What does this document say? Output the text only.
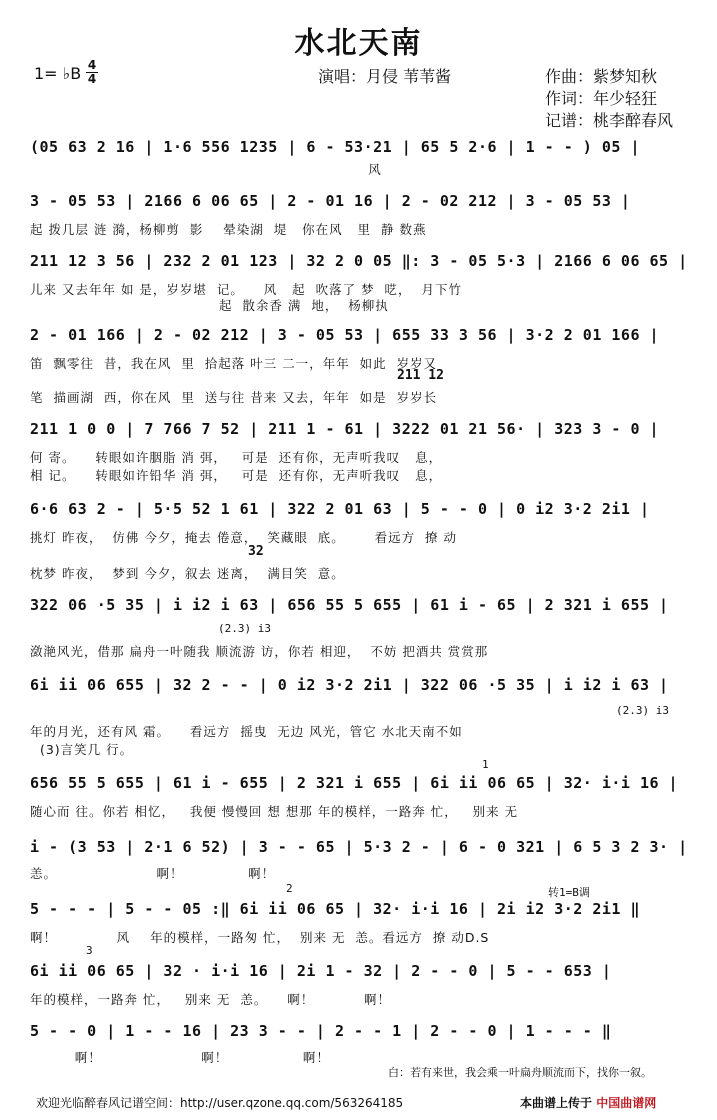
水北天南
1= ♭B 4
4	演唱：月侵 苇苇酱	作曲：紫梦知秋
作词：年少轻狂
记谱：桃李醉春风
(05 63 2 16 | 1·6 556 1235 | 6 - 53·21 | 65 5 2·6 | 1 - - ) 05 |
风
3 - 05 53 | 2166 6 06 65 | 2 - 01 16 | 2 - 02 212 | 3 - 05 53 |
起 拨几层 涟 漪，杨柳剪  影    晕染湖  堤   你在风   里  静 数燕
211 12 3 56 | 232 2 01 123 | 32 2 0 05 ‖: 3 - 05 5·3 | 2166 6 06 65 |
儿来 又去年年 如 是，岁岁堪  记。    风   起  吹落了 梦  呓，  月下竹
起  散余香 满  地，  杨柳执
2 - 01 166 | 2 - 02 212 | 3 - 05 53 | 655 33 3 56 | 3·2 2 01 166 |
笛  飘零往  昔，我在风  里  拾起落 叶三 二一，年年  如此  岁岁又
211 12
笔  描画湖  西，你在风  里  送与往 昔来 又去，年年  如是  岁岁长
211 1 0 0 | 7 766 7 52 | 211 1 - 61 | 3222 01 21 56· | 323 3 - 0 |
何 寄。    转眼如许胭脂 消 弭，   可是  还有你，无声听我叹   息，
相 记。    转眼如许铅华 消 弭，   可是  还有你，无声听我叹   息，
6·6 63 2 - | 5·5 52 1 61 | 322 2 01 63 | 5 - - 0 | 0 i2 3·2 2i1 |
挑灯 昨夜，  仿佛 今夕，掩去 倦意，  笑藏眼  底。      看远方  撩 动
32
枕梦 昨夜，  梦到 今夕，叙去 迷离，  满目笑  意。
322 06 ·5 35 | i i2 i 63 | 656 55 5 655 | 61 i - 65 | 2 321 i 655 |
(2.3) i3
潋滟风光，借那 扁舟一叶随我 顺流游 访，你若 相迎，  不妨 把酒共 赏赏那
6i ii 06 655 | 32 2 - - | 0 i2 3·2 2i1 | 322 06 ·5 35 | i i2 i 63 |
(2.3) i3
年的月光，还有风 霜。    看远方  摇曳  无边 风光，管它 水北天南不如
(3)言笑几 行。
1
656 55 5 655 | 61 i - 655 | 2 321 i 655 | 6i ii 06 65 | 32· i·i 16 |
随心而 往。你若 相忆，   我便 慢慢回 想 想那 年的模样，一路奔 忙，   别来 无
i - (3 53 | 2·1 6 52) | 3 - - 65 | 5·3 2 - | 6 - 0 321 | 6 5 3 2 3· |
恙。                    啊！             啊！
2	转1=B调
5 - - - | 5 - - 05 :‖ 6i ii 06 65 | 32· i·i 16 | 2i i2 3·2 2i1 ‖
啊！            风    年的模样，一路匆 忙，  别来 无  恙。看远方  撩 动D.S
3
6i ii 06 65 | 32 · i·i 16 | 2i 1 - 32 | 2 - - 0 | 5 - - 653 |
年的模样，一路奔 忙，   别来 无  恙。    啊！          啊！
5 - - 0 | 1 - - 16 | 23 3 - - | 2 - - 1 | 2 - - 0 | 1 - - - ‖
啊！                    啊！               啊！
白：若有来世，我会乘一叶扁舟顺流而下，找你一叙。
欢迎光临醉春风记谱空间：http://user.qzone.qq.com/563264185	本曲谱上传于 中国曲谱网
